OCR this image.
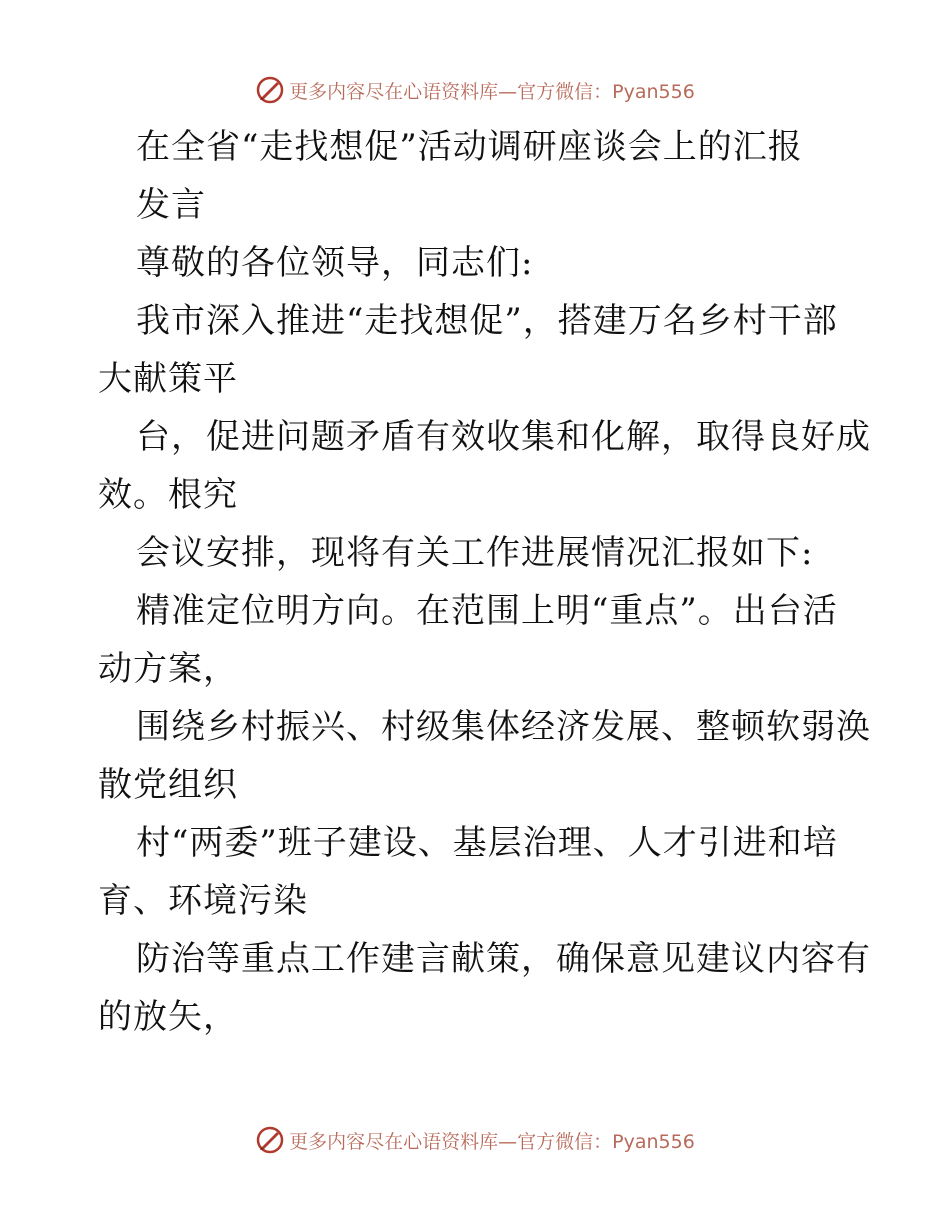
更多内容尽在心语资料库—官方微信：Pyan556

在全省“走找想促”活动调研座谈会上的汇报

发言

尊敬的各位领导，同志们:

我市深入推进“走找想促”，搭建万名乡村干部

大献策平

台，促进问题矛盾有效收集和化解，取得良好成

效。根究

会议安排，现将有关工作进展情况汇报如下:

精准定位明方向。在范围上明“重点”。出台活

动方案，

围绕乡村振兴、村级集体经济发展、整顿软弱涣

散党组织

村“两委”班子建设、基层治理、人才引进和培

育、环境污染

防治等重点工作建言献策，确保意见建议内容有

的放矢，

更多内容尽在心语资料库—官方微信：Pyan556
